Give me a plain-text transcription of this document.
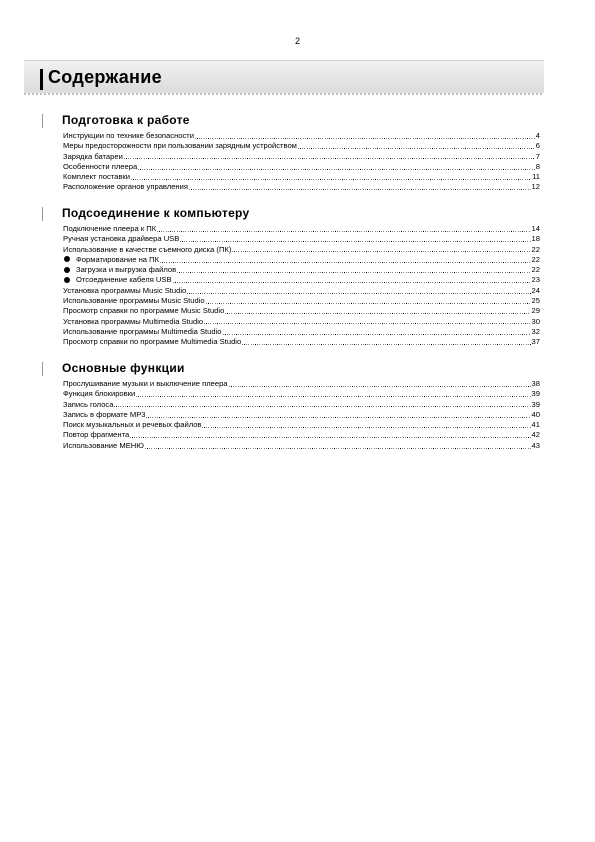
2
Содержание
Подготовка к работе
Инструкции по технике безопасности	4
Меры предосторожности при пользовании зарядным устройством	6
Зарядка батареи	7
Особенности плеера	8
Комплект поставки	11
Расположение органов управления	12
Подсоединение к компьютеру
Подключение плеера к ПК	14
Ручная установка драйвера USB	18
Использование в качестве съемного диска (ПК)	22
Форматирование на ПК	22
Загрузка и выгрузка файлов	22
Отсоединение кабеля USB	23
Установка программы Music Studio	24
Использование программы Music Studio	25
Просмотр справки по программе Music Studio	29
Установка программы Multimedia Studio	30
Использование программы Multimedia Studio	32
Просмотр справки по программе Multimedia Studio	37
Основные функции
Прослушивание музыки и выключение плеера	38
Функция блокировки	39
Запись голоса	39
Запись в формате MP3	40
Поиск музыкальных и речевых файлов	41
Повтор фрагмента	42
Использование МЕНЮ	43
